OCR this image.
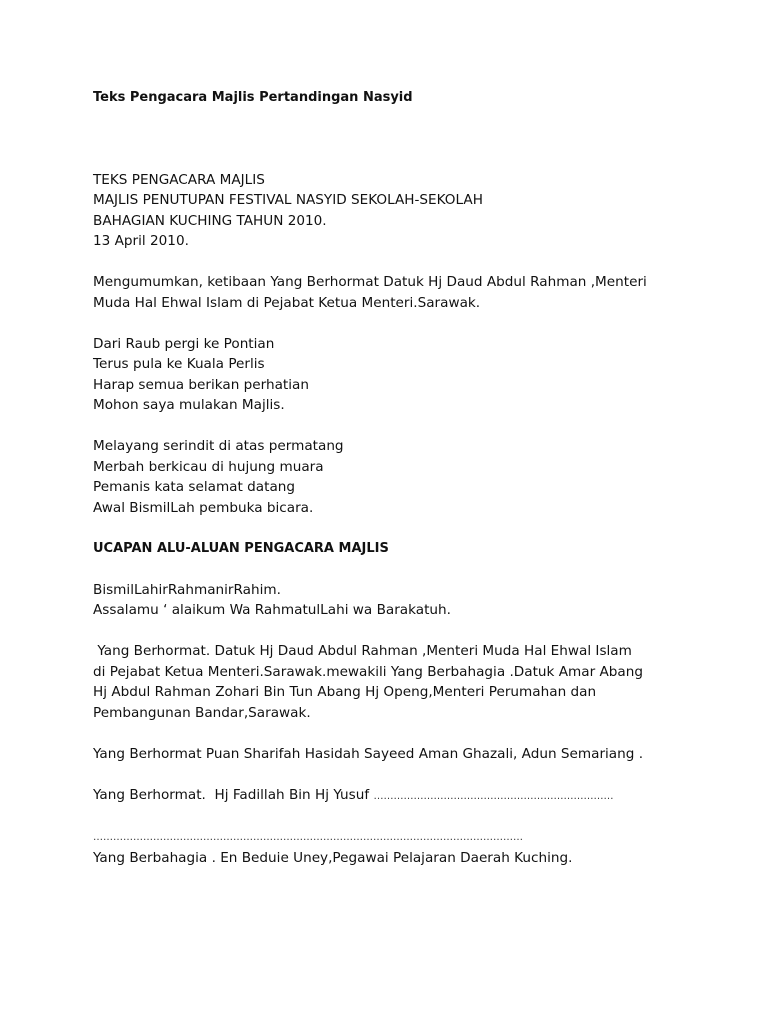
Teks Pengacara Majlis Pertandingan Nasyid
TEKS PENGACARA MAJLIS
MAJLIS PENUTUPAN FESTIVAL NASYID SEKOLAH-SEKOLAH
BAHAGIAN KUCHING TAHUN 2010.
13 April 2010.
Mengumumkan, ketibaan Yang Berhormat Datuk Hj Daud Abdul Rahman ,Menteri
Muda Hal Ehwal Islam di Pejabat Ketua Menteri.Sarawak.
Dari Raub pergi ke Pontian
Terus pula ke Kuala Perlis
Harap semua berikan perhatian
Mohon saya mulakan Majlis.
Melayang serindit di atas permatang
Merbah berkicau di hujung muara
Pemanis kata selamat datang
Awal BismilLah pembuka bicara.
UCAPAN ALU-ALUAN PENGACARA MAJLIS
BismilLahirRahmanirRahim.
Assalamu ‘ alaikum Wa RahmatulLahi wa Barakatuh.
Yang Berhormat. Datuk Hj Daud Abdul Rahman ,Menteri Muda Hal Ehwal Islam
di Pejabat Ketua Menteri.Sarawak.mewakili Yang Berbahagia .Datuk Amar Abang
Hj Abdul Rahman Zohari Bin Tun Abang Hj Openg,Menteri Perumahan dan
Pembangunan Bandar,Sarawak.
Yang Berhormat Puan Sharifah Hasidah Sayeed Aman Ghazali, Adun Semariang .
Yang Berhormat.  Hj Fadillah Bin Hj Yusuf ………………………………………………………………
…………………………………………………………………………………………………………………
Yang Berbahagia . En Beduie Uney,Pegawai Pelajaran Daerah Kuching.
